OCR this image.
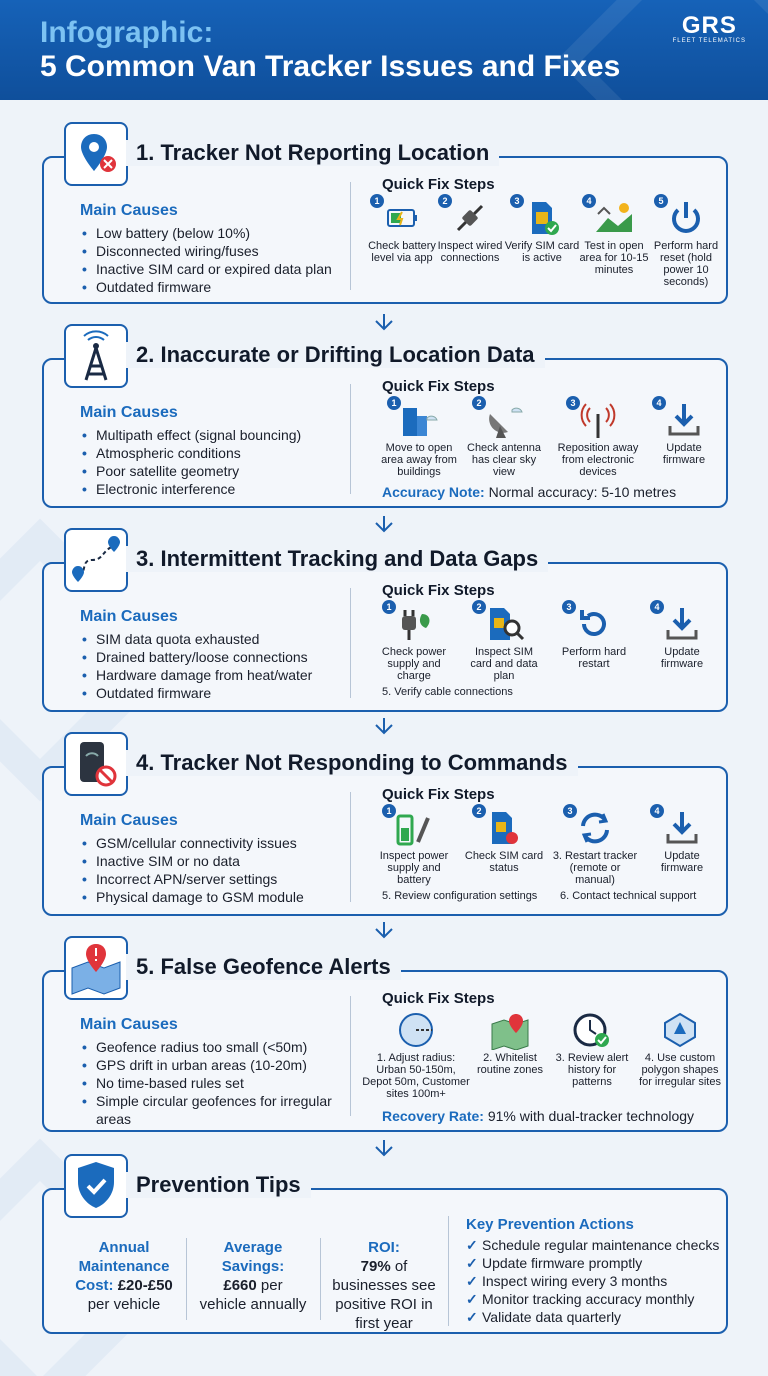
Infographic:
5 Common Van Tracker Issues and Fixes
GRS
FLEET TELEMATICS
1. Tracker Not Reporting Location
Main Causes
• Low battery (below 10%)
• Disconnected wiring/fuses
• Inactive SIM card or expired data plan
• Outdated firmware
Quick Fix Steps
1
Check battery level via app
2
Inspect wired connections
3
Verify SIM card is active
4
Test in open area for 10-15 minutes
5
Perform hard reset (hold power 10 seconds)
2. Inaccurate or Drifting Location Data
Main Causes
• Multipath effect (signal bouncing)
• Atmospheric conditions
• Poor satellite geometry
• Electronic interference
Quick Fix Steps
1
Move to open area away from buildings
2
Check antenna has clear sky view
3
Reposition away from electronic devices
4
Update firmware
Accuracy Note: Normal accuracy: 5-10 metres
3. Intermittent Tracking and Data Gaps
Main Causes
• SIM data quota exhausted
• Drained battery/loose connections
• Hardware damage from heat/water
• Outdated firmware
Quick Fix Steps
1
Check power supply and charge
2
Inspect SIM card and data plan
3
Perform hard restart
4
Update firmware
5. Verify cable connections
4. Tracker Not Responding to Commands
Main Causes
• GSM/cellular connectivity issues
• Inactive SIM or no data
• Incorrect APN/server settings
• Physical damage to GSM module
Quick Fix Steps
1
Inspect power supply and battery
2
Check SIM card status
3
3. Restart tracker (remote or manual)
4
Update firmware
5. Review configuration settings 6. Contact technical support
5. False Geofence Alerts
Main Causes
• Geofence radius too small (<50m)
• GPS drift in urban areas (10-20m)
• No time-based rules set
• Simple circular geofences for irregular areas
Quick Fix Steps
1. Adjust radius: Urban 50-150m, Depot 50m, Customer sites 100m+
2. Whitelist routine zones
3. Review alert history for patterns
4. Use custom polygon shapes for irregular sites
Recovery Rate: 91% with dual-tracker technology
Prevention Tips
Annual
Maintenance
Cost: £20-£50
per vehicle
Average
Savings:
£660 per
vehicle annually
ROI:
79% of
businesses see
positive ROI in
first year
Key Prevention Actions
✓ Schedule regular maintenance checks
✓ Update firmware promptly
✓ Inspect wiring every 3 months
✓ Monitor tracking accuracy monthly
✓ Validate data quarterly
